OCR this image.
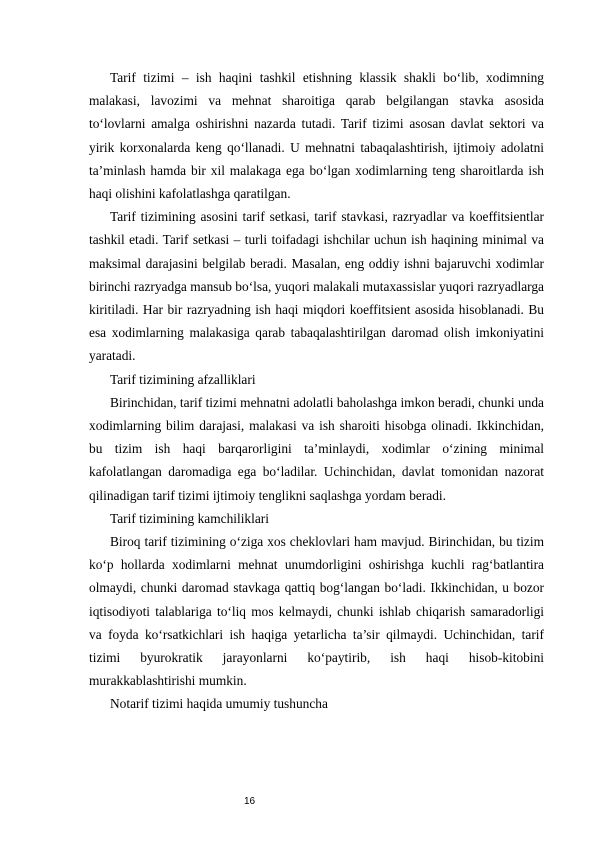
Tarif tizimi – ish haqini tashkil etishning klassik shakli bo‘lib, xodimning malakasi, lavozimi va mehnat sharoitiga qarab belgilangan stavka asosida to‘lovlarni amalga oshirishni nazarda tutadi. Tarif tizimi asosan davlat sektori va yirik korxonalarda keng qo‘llanadi. U mehnatni tabaqalashtirish, ijtimoiy adolatni ta’minlash hamda bir xil malakaga ega bo‘lgan xodimlarning teng sharoitlarda ish haqi olishini kafolatlashga qaratilgan.

Tarif tizimining asosini tarif setkasi, tarif stavkasi, razryadlar va koeffitsientlar tashkil etadi. Tarif setkasi – turli toifadagi ishchilar uchun ish haqining minimal va maksimal darajasini belgilab beradi. Masalan, eng oddiy ishni bajaruvchi xodimlar birinchi razryadga mansub bo‘lsa, yuqori malakali mutaxassislar yuqori razryadlarga kiritiladi. Har bir razryadning ish haqi miqdori koeffitsient asosida hisoblanadi. Bu esa xodimlarning malakasiga qarab tabaqalashtirilgan daromad olish imkoniyatini yaratadi.

Tarif tizimining afzalliklari

Birinchidan, tarif tizimi mehnatni adolatli baholashga imkon beradi, chunki unda xodimlarning bilim darajasi, malakasi va ish sharoiti hisobga olinadi. Ikkinchidan, bu tizim ish haqi barqarorligini ta’minlaydi, xodimlar o‘zining minimal kafolatlangan daromadiga ega bo‘ladilar. Uchinchidan, davlat tomonidan nazorat qilinadigan tarif tizimi ijtimoiy tenglikni saqlashga yordam beradi.

Tarif tizimining kamchiliklari

Biroq tarif tizimining o‘ziga xos cheklovlari ham mavjud. Birinchidan, bu tizim ko‘p hollarda xodimlarni mehnat unumdorligini oshirishga kuchli rag‘batlantira olmaydi, chunki daromad stavkaga qattiq bog‘langan bo‘ladi. Ikkinchidan, u bozor iqtisodiyoti talablariga to‘liq mos kelmaydi, chunki ishlab chiqarish samaradorligi va foyda ko‘rsatkichlari ish haqiga yetarlicha ta’sir qilmaydi. Uchinchidan, tarif tizimi byurokratik jarayonlarni ko‘paytirib, ish haqi hisob-kitobini murakkablashtirishi mumkin.

Notarif tizimi haqida umumiy tushuncha

16
